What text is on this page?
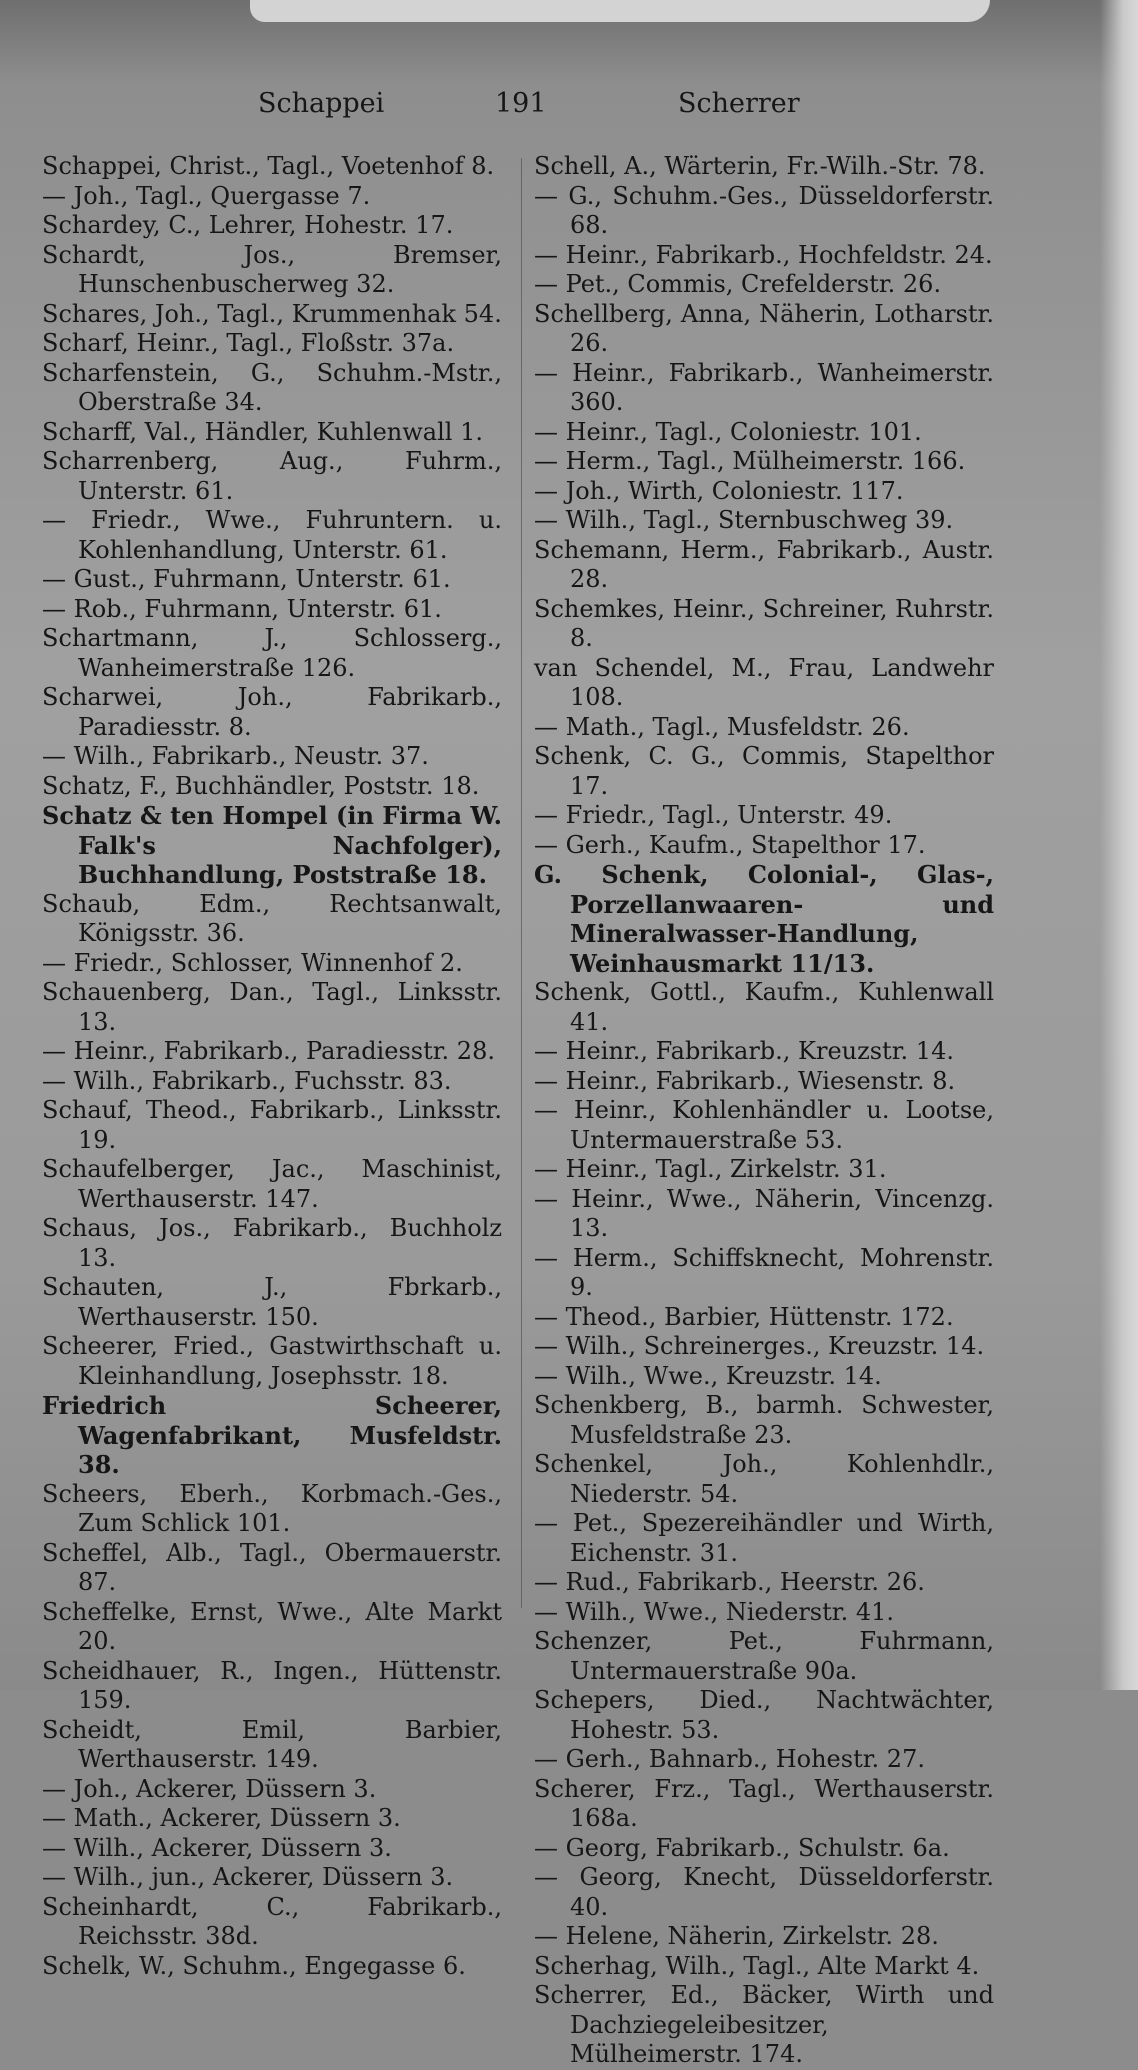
Schappei	191	Scherrer
Schappei, Christ., Tagl., Voetenhof 8.
— Joh., Tagl., Quergasse 7.
Schardey, C., Lehrer, Hohestr. 17.
Schardt, Jos., Bremser, Hunschenbuscherweg 32.
Schares, Joh., Tagl., Krummenhak 54.
Scharf, Heinr., Tagl., Floßstr. 37a.
Scharfenstein, G., Schuhm.-Mstr., Oberstraße 34.
Scharff, Val., Händler, Kuhlenwall 1.
Scharrenberg, Aug., Fuhrm., Unterstr. 61.
— Friedr., Wwe., Fuhruntern. u. Kohlenhandlung, Unterstr. 61.
— Gust., Fuhrmann, Unterstr. 61.
— Rob., Fuhrmann, Unterstr. 61.
Schartmann, J., Schlosserg., Wanheimerstraße 126.
Scharwei, Joh., Fabrikarb., Paradiesstr. 8.
— Wilh., Fabrikarb., Neustr. 37.
Schatz, F., Buchhändler, Poststr. 18.
Schatz & ten Hompel (in Firma W. Falk's Nachfolger), Buchhandlung, Poststraße 18.
Schaub, Edm., Rechtsanwalt, Königsstr. 36.
— Friedr., Schlosser, Winnenhof 2.
Schauenberg, Dan., Tagl., Linksstr. 13.
— Heinr., Fabrikarb., Paradiesstr. 28.
— Wilh., Fabrikarb., Fuchsstr. 83.
Schauf, Theod., Fabrikarb., Linksstr. 19.
Schaufelberger, Jac., Maschinist, Werthauserstr. 147.
Schaus, Jos., Fabrikarb., Buchholz 13.
Schauten, J., Fbrkarb., Werthauserstr. 150.
Scheerer, Fried., Gastwirthschaft u. Kleinhandlung, Josephsstr. 18.
Friedrich Scheerer, Wagenfabrikant, Musfeldstr. 38.
Scheers, Eberh., Korbmach.-Ges., Zum Schlick 101.
Scheffel, Alb., Tagl., Obermauerstr. 87.
Scheffelke, Ernst, Wwe., Alte Markt 20.
Scheidhauer, R., Ingen., Hüttenstr. 159.
Scheidt, Emil, Barbier, Werthauserstr. 149.
— Joh., Ackerer, Düssern 3.
— Math., Ackerer, Düssern 3.
— Wilh., Ackerer, Düssern 3.
— Wilh., jun., Ackerer, Düssern 3.
Scheinhardt, C., Fabrikarb., Reichsstr. 38d.
Schelk, W., Schuhm., Engegasse 6.
Schell, A., Wärterin, Fr.-Wilh.-Str. 78.
— G., Schuhm.-Ges., Düsseldorferstr. 68.
— Heinr., Fabrikarb., Hochfeldstr. 24.
— Pet., Commis, Crefelderstr. 26.
Schellberg, Anna, Näherin, Lotharstr. 26.
— Heinr., Fabrikarb., Wanheimerstr. 360.
— Heinr., Tagl., Coloniestr. 101.
— Herm., Tagl., Mülheimerstr. 166.
— Joh., Wirth, Coloniestr. 117.
— Wilh., Tagl., Sternbuschweg 39.
Schemann, Herm., Fabrikarb., Austr. 28.
Schemkes, Heinr., Schreiner, Ruhrstr. 8.
van Schendel, M., Frau, Landwehr 108.
— Math., Tagl., Musfeldstr. 26.
Schenk, C. G., Commis, Stapelthor 17.
— Friedr., Tagl., Unterstr. 49.
— Gerh., Kaufm., Stapelthor 17.
G. Schenk, Colonial-, Glas-, Porzellanwaaren- und Mineralwasser-Handlung, Weinhausmarkt 11/13.
Schenk, Gottl., Kaufm., Kuhlenwall 41.
— Heinr., Fabrikarb., Kreuzstr. 14.
— Heinr., Fabrikarb., Wiesenstr. 8.
— Heinr., Kohlenhändler u. Lootse, Untermauerstraße 53.
— Heinr., Tagl., Zirkelstr. 31.
— Heinr., Wwe., Näherin, Vincenzg. 13.
— Herm., Schiffsknecht, Mohrenstr. 9.
— Theod., Barbier, Hüttenstr. 172.
— Wilh., Schreinerges., Kreuzstr. 14.
— Wilh., Wwe., Kreuzstr. 14.
Schenkberg, B., barmh. Schwester, Musfeldstraße 23.
Schenkel, Joh., Kohlenhdlr., Niederstr. 54.
— Pet., Spezereihändler und Wirth, Eichenstr. 31.
— Rud., Fabrikarb., Heerstr. 26.
— Wilh., Wwe., Niederstr. 41.
Schenzer, Pet., Fuhrmann, Untermauerstraße 90a.
Schepers, Died., Nachtwächter, Hohestr. 53.
— Gerh., Bahnarb., Hohestr. 27.
Scherer, Frz., Tagl., Werthauserstr. 168a.
— Georg, Fabrikarb., Schulstr. 6a.
— Georg, Knecht, Düsseldorferstr. 40.
— Helene, Näherin, Zirkelstr. 28.
Scherhag, Wilh., Tagl., Alte Markt 4.
Scherrer, Ed., Bäcker, Wirth und Dachziegeleibesitzer, Mülheimerstr. 174.
